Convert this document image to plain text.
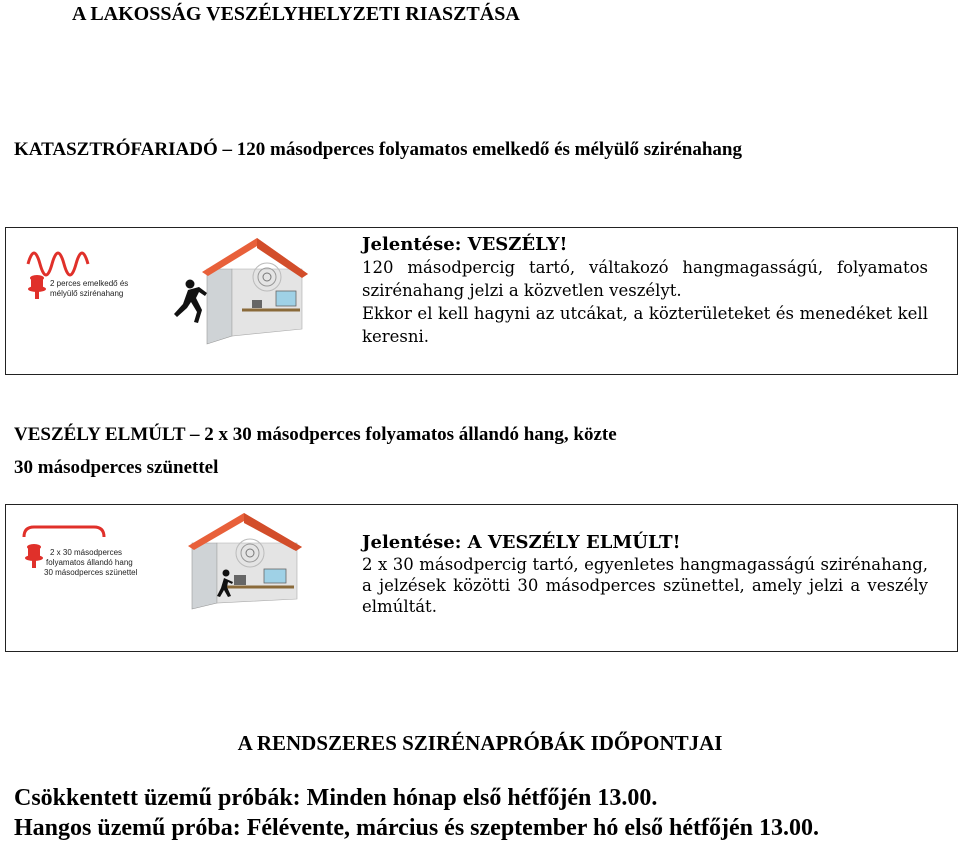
A LAKOSSÁG VESZÉLYHELYZETI RIASZTÁSA
KATASZTRÓFARIADÓ – 120 másodperces folyamatos emelkedő és mélyülő szirénahang
2 perces emelkedő és
mélyülő szirénahang
Jelentése: VESZÉLY!
120 másodpercig tartó, váltakozó hangmagasságú, folyamatos szirénahang jelzi a közvetlen veszélyt.
Ekkor el kell hagyni az utcákat, a közterületeket és menedéket kell keresni.
VESZÉLY ELMÚLT – 2 x 30 másodperces folyamatos állandó hang, közte
30 másodperces szünettel
2 x 30 másodperces
folyamatos állandó hang
30 másodperces szünettel
Jelentése: A VESZÉLY ELMÚLT!
2 x 30 másodpercig tartó, egyenletes hangmagasságú szirénahang, a jelzések közötti 30 másodperces szünettel, amely jelzi a veszély elmúltát.
A RENDSZERES SZIRÉNAPRÓBÁK IDŐPONTJAI
Csökkentett üzemű próbák: Minden hónap első hétfőjén 13.00.
Hangos üzemű próba: Félévente, március és szeptember hó első hétfőjén 13.00.
